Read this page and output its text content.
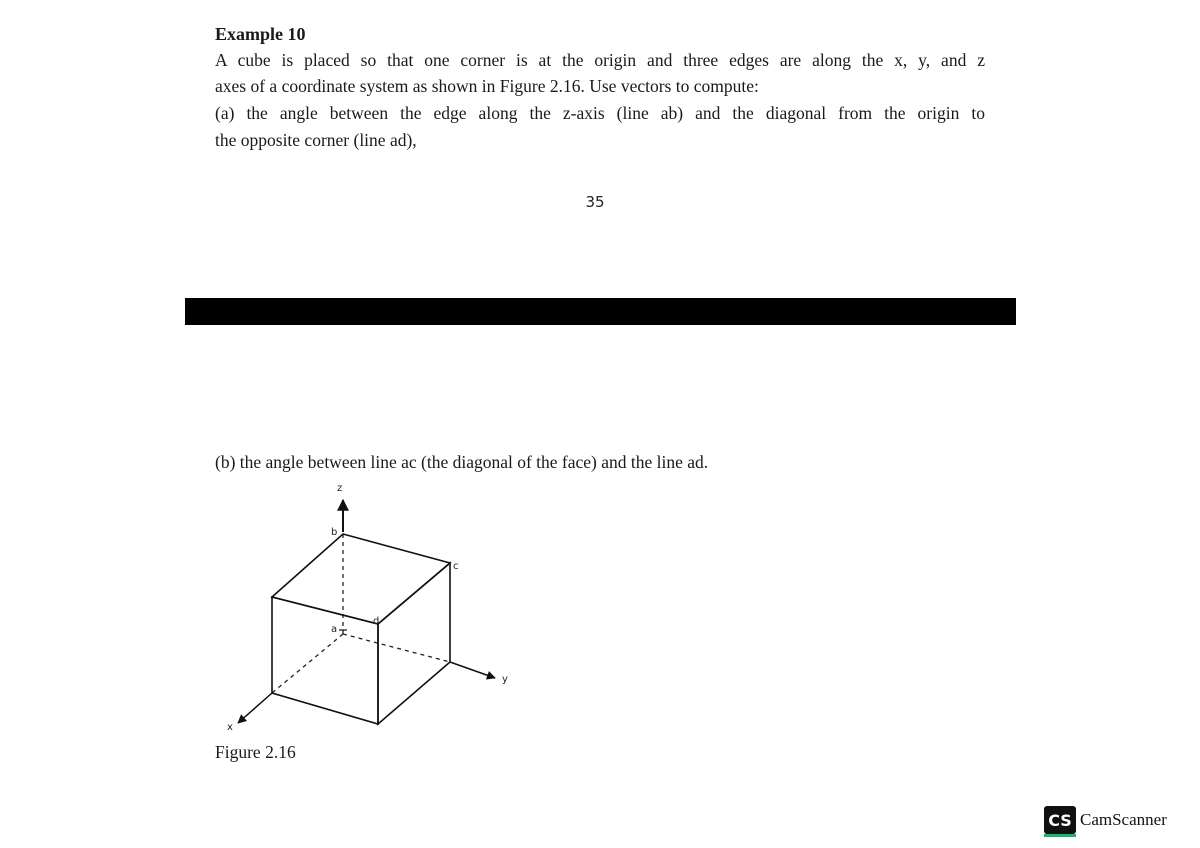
Example 10
A cube is placed so that one corner is at the origin and three edges are along the x, y, and z
axes of a coordinate system as shown in Figure 2.16. Use vectors to compute:
(a) the angle between the edge along the z-axis (line ab) and the diagonal from the origin to
the opposite corner (line ad),
35
(b) the angle between line ac (the diagonal of the face) and the line ad.
z
b
c
a
d
y
x
Figure 2.16
CS CamScanner
